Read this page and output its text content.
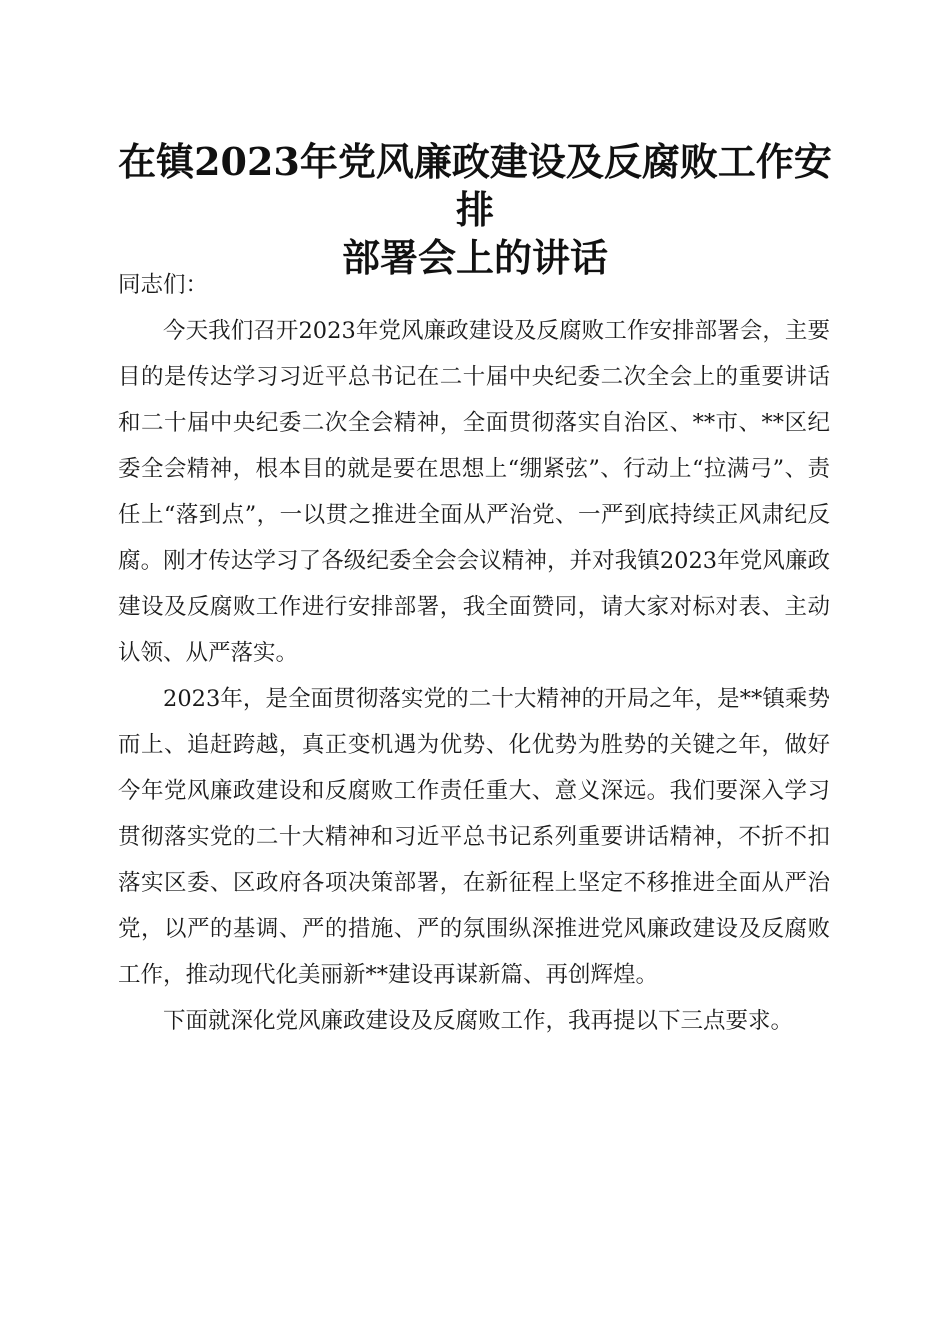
在镇2023年党风廉政建设及反腐败工作安排
部署会上的讲话

同志们：

今天我们召开2023年党风廉政建设及反腐败工作安排部署会，主要目的是传达学习习近平总书记在二十届中央纪委二次全会上的重要讲话和二十届中央纪委二次全会精神，全面贯彻落实自治区、**市、**区纪委全会精神，根本目的就是要在思想上“绷紧弦”、行动上“拉满弓”、责任上“落到点”，一以贯之推进全面从严治党、一严到底持续正风肃纪反腐。刚才传达学习了各级纪委全会会议精神，并对我镇2023年党风廉政建设及反腐败工作进行安排部署，我全面赞同，请大家对标对表、主动认领、从严落实。

2023年，是全面贯彻落实党的二十大精神的开局之年，是**镇乘势而上、追赶跨越，真正变机遇为优势、化优势为胜势的关键之年，做好今年党风廉政建设和反腐败工作责任重大、意义深远。我们要深入学习贯彻落实党的二十大精神和习近平总书记系列重要讲话精神，不折不扣落实区委、区政府各项决策部署，在新征程上坚定不移推进全面从严治党，以严的基调、严的措施、严的氛围纵深推进党风廉政建设及反腐败工作，推动现代化美丽新**建设再谋新篇、再创辉煌。

下面就深化党风廉政建设及反腐败工作，我再提以下三点要求。
